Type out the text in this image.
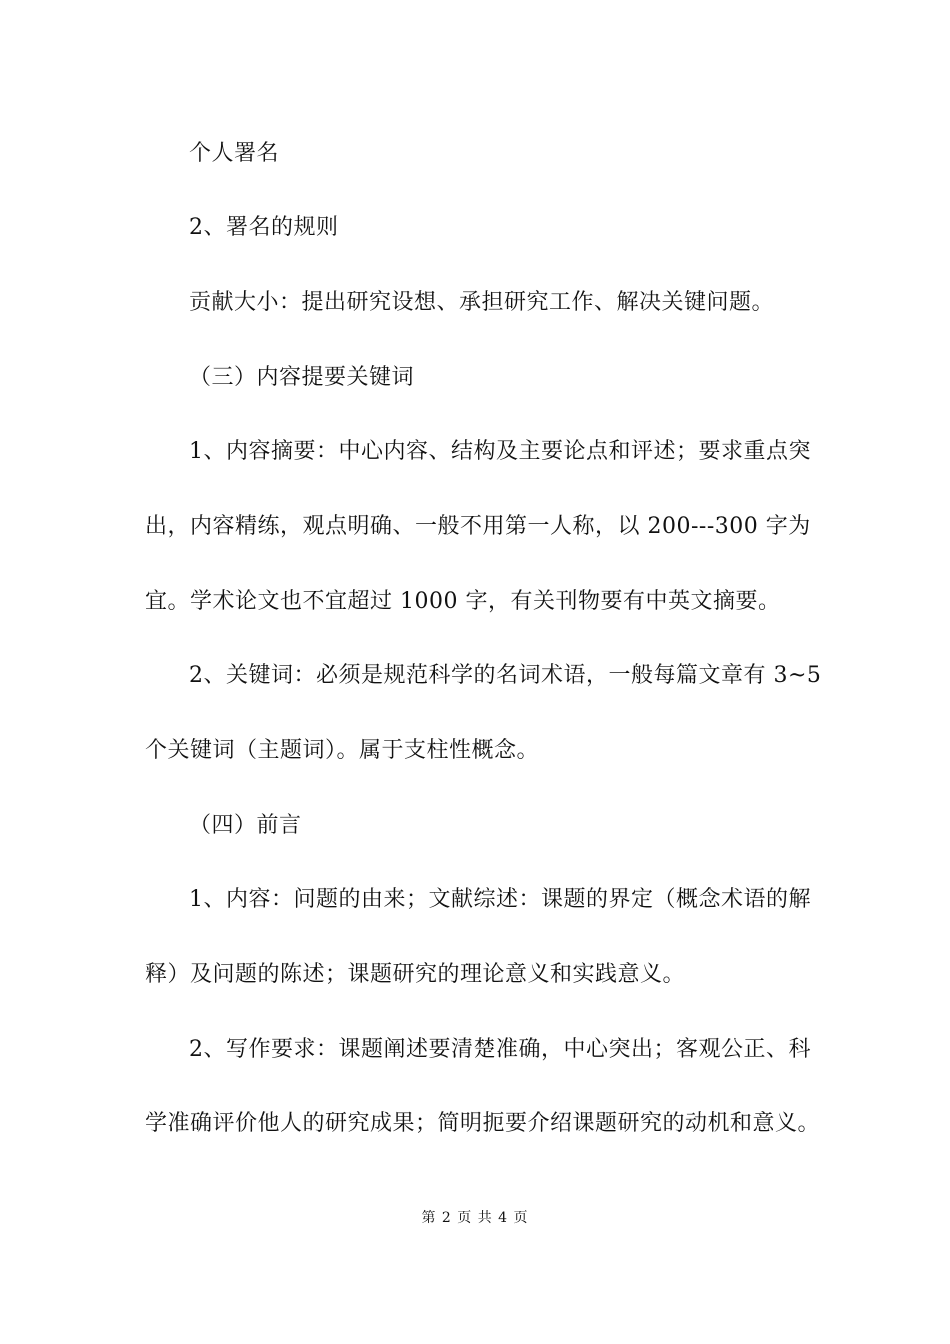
个人署名
2、署名的规则
贡献大小：提出研究设想、承担研究工作、解决关键问题。
（三）内容提要关键词
1、内容摘要：中心内容、结构及主要论点和评述；要求重点突
出，内容精练，观点明确、一般不用第一人称，以 200---300 字为
宜。学术论文也不宜超过 1000 字，有关刊物要有中英文摘要。
2、关键词：必须是规范科学的名词术语，一般每篇文章有 3~5
个关键词（主题词）。属于支柱性概念。
（四）前言
1、内容：问题的由来；文献综述：课题的界定（概念术语的解
释）及问题的陈述；课题研究的理论意义和实践意义。
2、写作要求：课题阐述要清楚准确，中心突出；客观公正、科
学准确评价他人的研究成果；简明扼要介绍课题研究的动机和意义。
第 2 页 共 4 页
